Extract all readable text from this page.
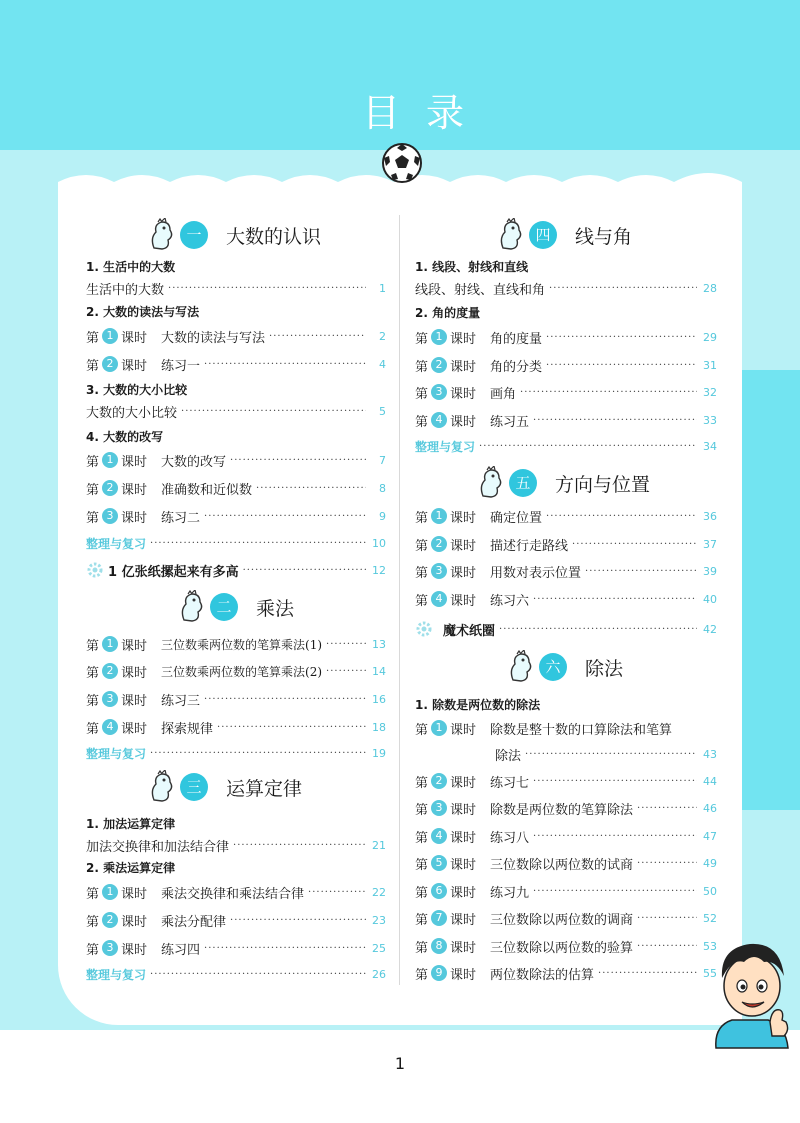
目录
一	大数的认识
1. 生活中的大数
生活中的大数 ·····	1
2. 大数的读法与写法
第 1 课时 大数的读法与写法 ·····	2
第 2 课时 练习一 ·····	4
3. 大数的大小比较
大数的大小比较 ·····	5
4. 大数的改写
第 1 课时 大数的改写 ·····	7
第 2 课时 准确数和近似数 ·····	8
第 3 课时 练习二 ·····	9
整理与复习 ·····	10
1 亿张纸摞起来有多高 ·····	12
二	乘法
第 1 课时 三位数乘两位数的笔算乘法(1) ·····	13
第 2 课时 三位数乘两位数的笔算乘法(2) ·····	14
第 3 课时 练习三 ·····	16
第 4 课时 探索规律 ·····	18
整理与复习 ·····	19
三	运算定律
1. 加法运算定律
加法交换律和加法结合律 ·····	21
2. 乘法运算定律
第 1 课时 乘法交换律和乘法结合律 ·····	22
第 2 课时 乘法分配律 ·····	23
第 3 课时 练习四 ·····	25
整理与复习 ·····	26
四	线与角
1. 线段、射线和直线
线段、射线、直线和角 ·····	28
2. 角的度量
第 1 课时 角的度量 ·····	29
第 2 课时 角的分类 ·····	31
第 3 课时 画角 ·····	32
第 4 课时 练习五 ·····	33
整理与复习 ·····	34
五	方向与位置
第 1 课时 确定位置 ·····	36
第 2 课时 描述行走路线 ·····	37
第 3 课时 用数对表示位置 ·····	39
第 4 课时 练习六 ·····	40
魔术纸圈 ·····	42
六	除法
1. 除数是两位数的除法
第 1 课时 除数是整十数的口算除法和笔算
除法 ·····	43
第 2 课时 练习七 ·····	44
第 3 课时 除数是两位数的笔算除法 ·····	46
第 4 课时 练习八 ·····	47
第 5 课时 三位数除以两位数的试商 ·····	49
第 6 课时 练习九 ·····	50
第 7 课时 三位数除以两位数的调商 ·····	52
第 8 课时 三位数除以两位数的验算 ·····	53
第 9 课时 两位数除法的估算 ·····	55
1
